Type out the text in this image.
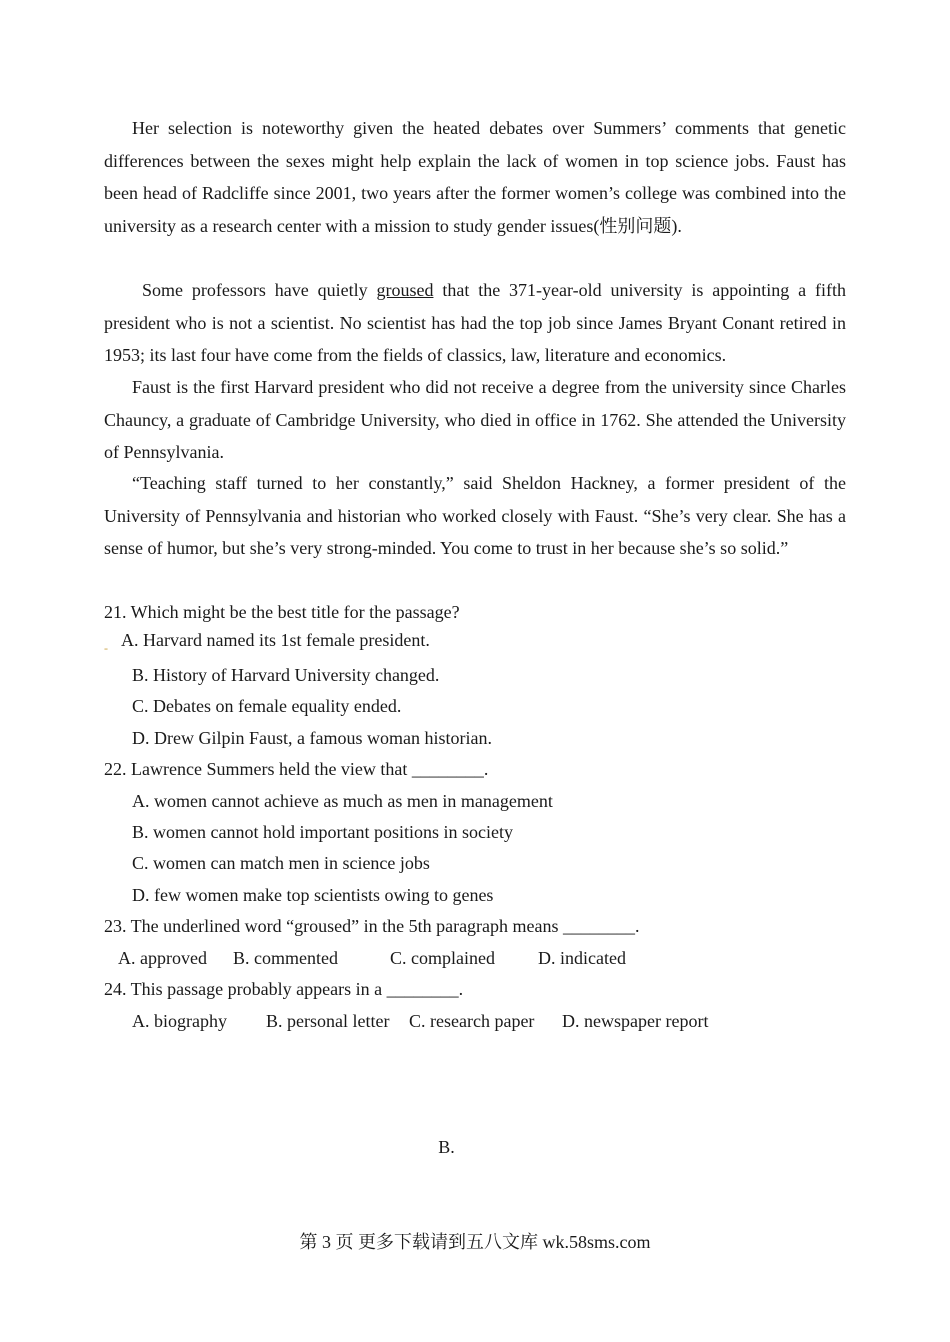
Her selection is noteworthy given the heated debates over Summers’ comments that genetic differences between the sexes might help explain the lack of women in top science jobs. Faust has been head of Radcliffe since 2001, two years after the former women’s college was combined into the university as a research center with a mission to study gender issues(性别问题).

Some professors have quietly groused that the 371-year-old university is appointing a fifth president who is not a scientist. No scientist has had the top job since James Bryant Conant retired in 1953; its last four have come from the fields of classics, law, literature and economics.

Faust is the first Harvard president who did not receive a degree from the university since Charles Chauncy, a graduate of Cambridge University, who died in office in 1762. She attended the University of Pennsylvania.

“Teaching staff turned to her constantly,” said Sheldon Hackney, a former president of the University of Pennsylvania and historian who worked closely with Faust. “She’s very clear. She has a sense of humor, but she’s very strong-minded. You come to trust in her because she’s so solid.”

21. Which might be the best title for the passage?
- A. Harvard named its 1st female president.
B. History of Harvard University changed.
C. Debates on female equality ended.
D. Drew Gilpin Faust, a famous woman historian.
22. Lawrence Summers held the view that ________.
A. women cannot achieve as much as men in management
B. women cannot hold important positions in society
C. women can match men in science jobs
D. few women make top scientists owing to genes
23. The underlined word “groused” in the 5th paragraph means ________.
A. approved B. commented	C. complained D. indicated
24. This passage probably appears in a ________.
A. biography B. personal letter C. research paper D. newspaper report
B.
第 3 页 更多下载请到五八文库 wk.58sms.com
